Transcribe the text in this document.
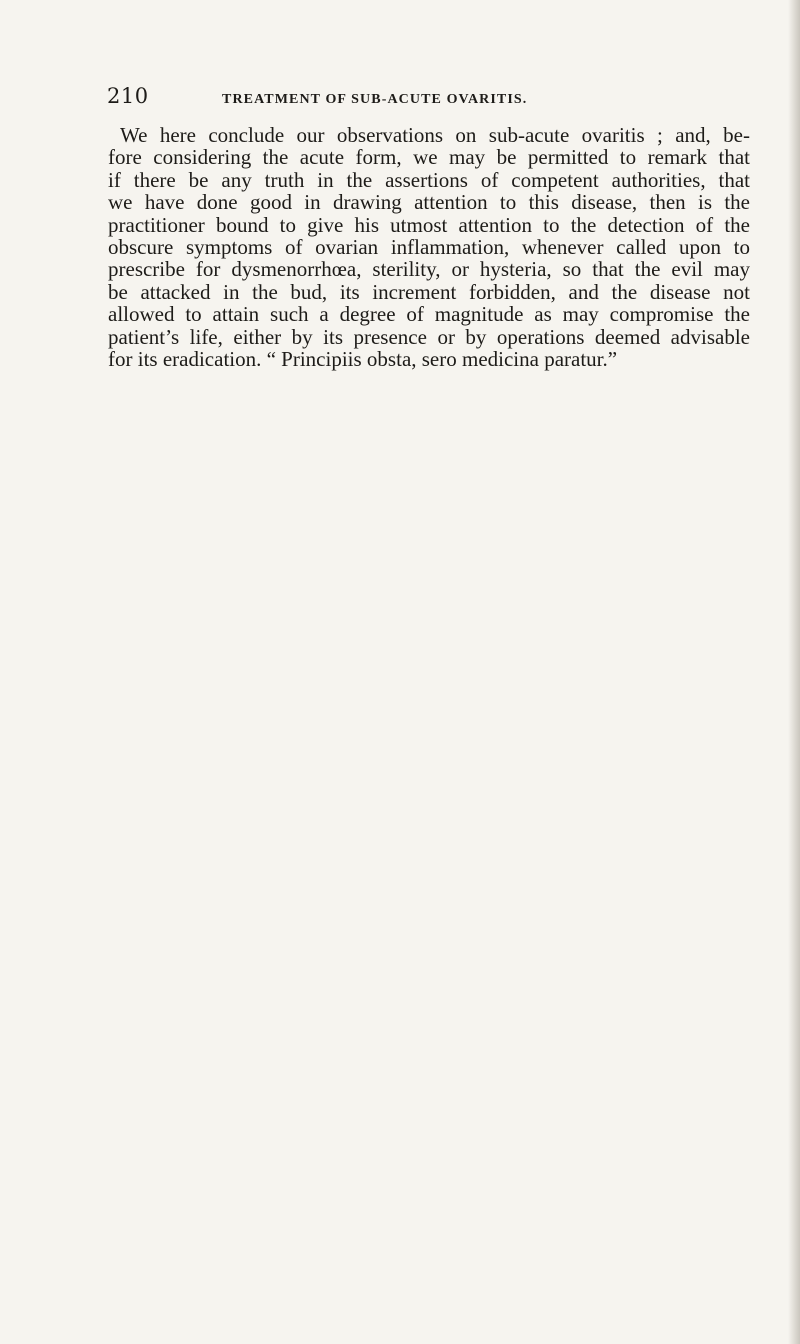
210	TREATMENT OF SUB-ACUTE OVARITIS.
We here conclude our observations on sub-acute ovaritis ; and, be-
fore considering the acute form, we may be permitted to remark that
if there be any truth in the assertions of competent authorities, that
we have done good in drawing attention to this disease, then is the
practitioner bound to give his utmost attention to the detection of the
obscure symptoms of ovarian inflammation, whenever called upon to
prescribe for dysmenorrhœa, sterility, or hysteria, so that the evil may
be attacked in the bud, its increment forbidden, and the disease not
allowed to attain such a degree of magnitude as may compromise the
patient’s life, either by its presence or by operations deemed advisable
for its eradication. “ Principiis obsta, sero medicina paratur.”
